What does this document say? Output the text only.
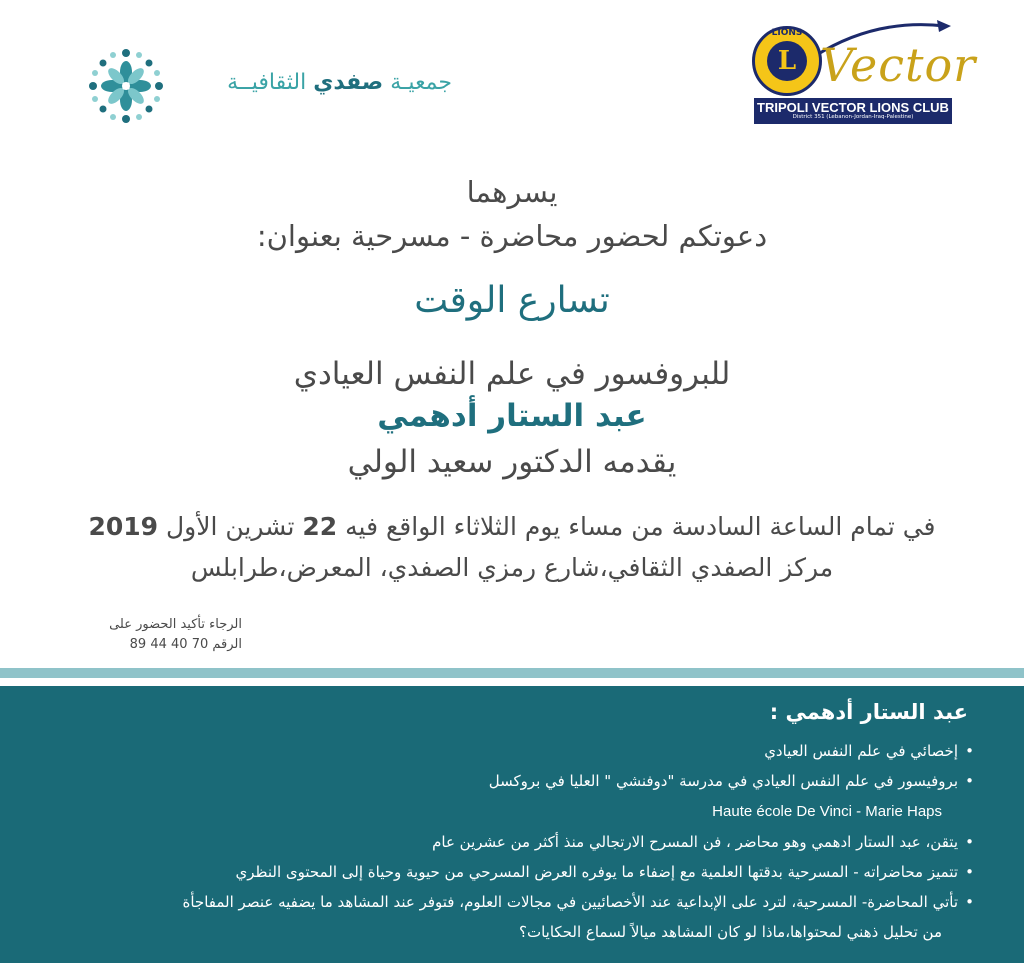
جمعيـة صفدي الثقافيــة
LIONS
L Vector
TRIPOLI VECTOR LIONS CLUB
District 351 (Lebanon-Jordan-Iraq-Palestine)
يسرهما
دعوتكم لحضور محاضرة - مسرحية بعنوان:
تسارع الوقت
للبروفسور في علم النفس العيادي
عبد الستار أدهمي
يقدمه الدكتور سعيد الولي
في تمام الساعة السادسة من مساء يوم الثلاثاء الواقع فيه 22 تشرين الأول 2019
مركز الصفدي الثقافي،شارع رمزي الصفدي، المعرض،طرابلس
الرجاء تأكيد الحضور على
الرقم 70 40 44 89
عبد الستار أدهمي :
• إخصائي في علم النفس العيادي
• بروفيسور في علم النفس العيادي في مدرسة "دوفنشي " العليا في بروكسل
Haute école De Vinci - Marie Haps
• يتقن، عبد الستار ادهمي وهو محاضر ، فن المسرح الارتجالي منذ أكثر من عشرين عام
• تتميز محاضراته - المسرحية بدقتها العلمية مع إضفاء ما يوفره العرض المسرحي من حيوية وحياة إلى المحتوى النظري
• تأتي المحاضرة- المسرحية، لترد على الإبداعية عند الأخصائيين في مجالات العلوم، فتوفر عند المشاهد ما يضفيه عنصر المفاجأة
من تحليل ذهني لمحتواها،ماذا لو كان المشاهد ميالاً لسماع الحكايات؟
